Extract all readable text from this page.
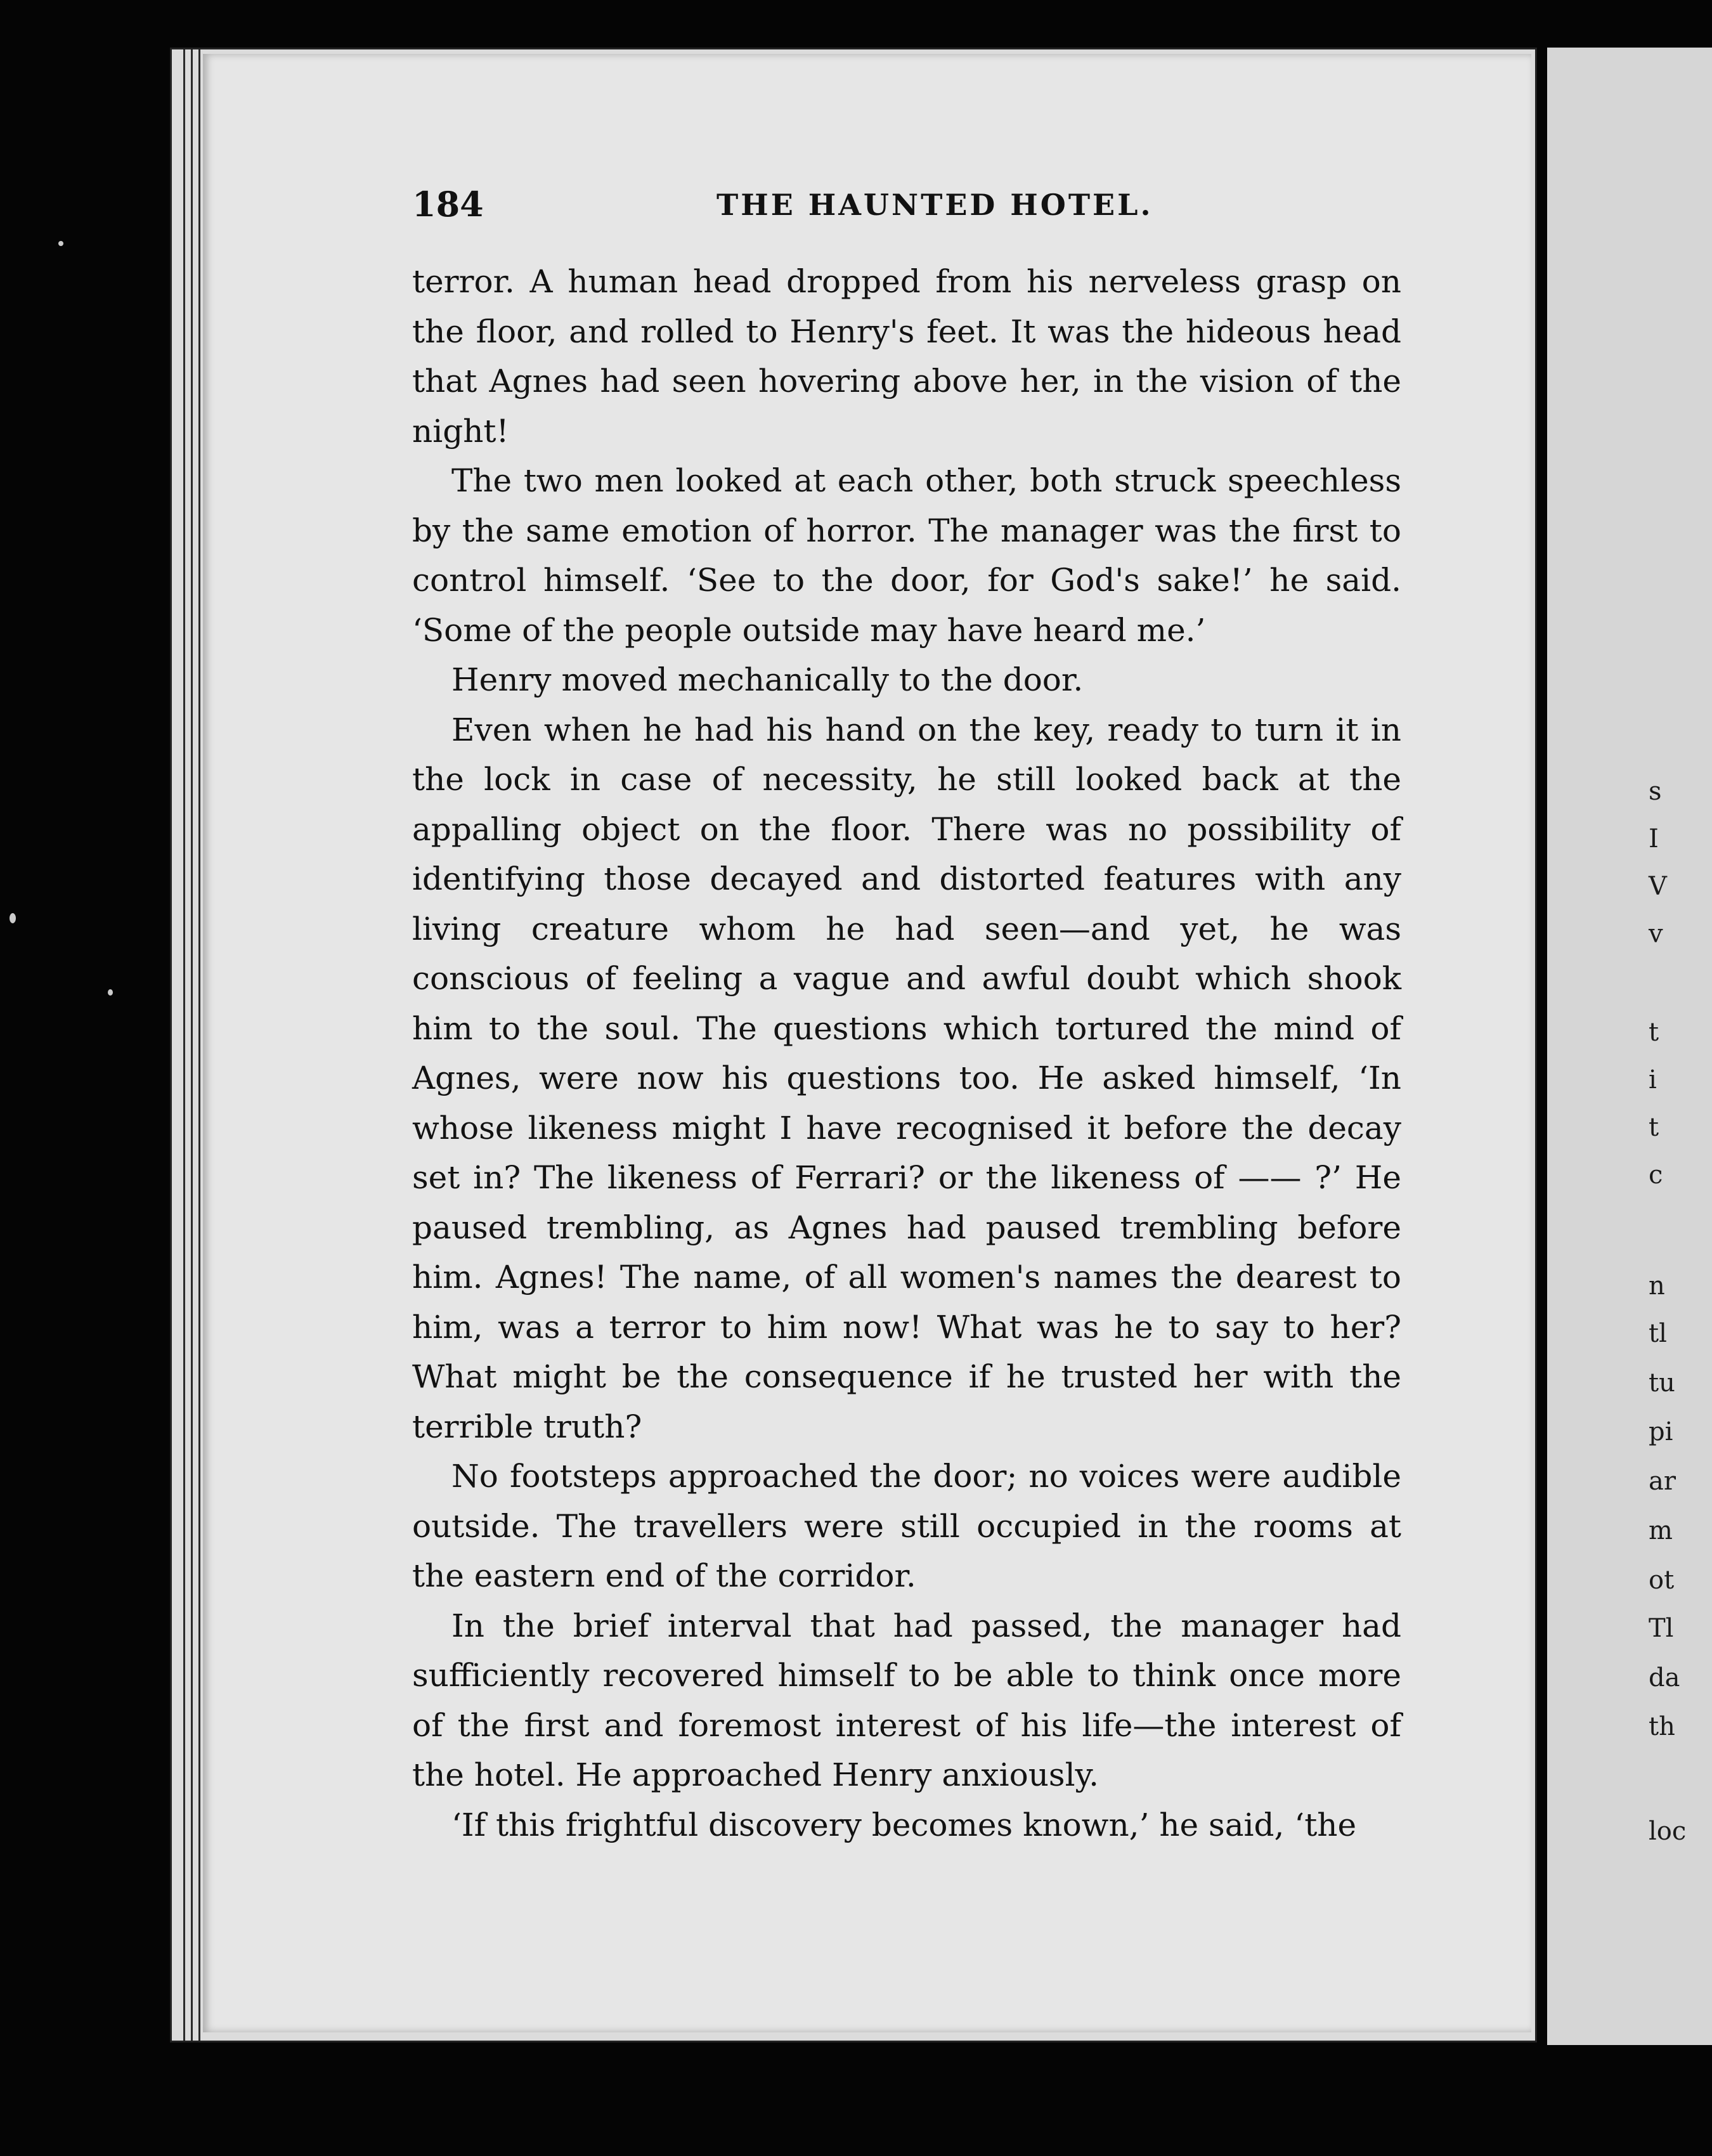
s
I
V
v
t
i
t
c
n
tl
tu
pi
ar
m
ot
Tl
da
th
loc
184	THE HAUNTED HOTEL.

terror. A human head dropped from his nerveless grasp on the floor, and rolled to Henry's feet. It was the hideous head that Agnes had seen hovering above her, in the vision of the night!

The two men looked at each other, both struck speechless by the same emotion of horror. The manager was the first to control himself. ‘See to the door, for God's sake!’ he said. ‘Some of the people outside may have heard me.’

Henry moved mechanically to the door.

Even when he had his hand on the key, ready to turn it in the lock in case of necessity, he still looked back at the appalling object on the floor. There was no possibility of identifying those decayed and distorted features with any living creature whom he had seen—and yet, he was conscious of feeling a vague and awful doubt which shook him to the soul. The questions which tortured the mind of Agnes, were now his questions too. He asked himself, ‘In whose likeness might I have recognised it before the decay set in? The likeness of Ferrari? or the likeness of —— ?’ He paused trembling, as Agnes had paused trembling before him. Agnes! The name, of all women's names the dearest to him, was a terror to him now! What was he to say to her? What might be the consequence if he trusted her with the terrible truth?

No footsteps approached the door; no voices were audible outside. The travellers were still occupied in the rooms at the eastern end of the corridor.

In the brief interval that had passed, the manager had sufficiently recovered himself to be able to think once more of the first and foremost interest of his life—the interest of the hotel. He approached Henry anxiously.

‘If this frightful discovery becomes known,’ he said, ‘the
